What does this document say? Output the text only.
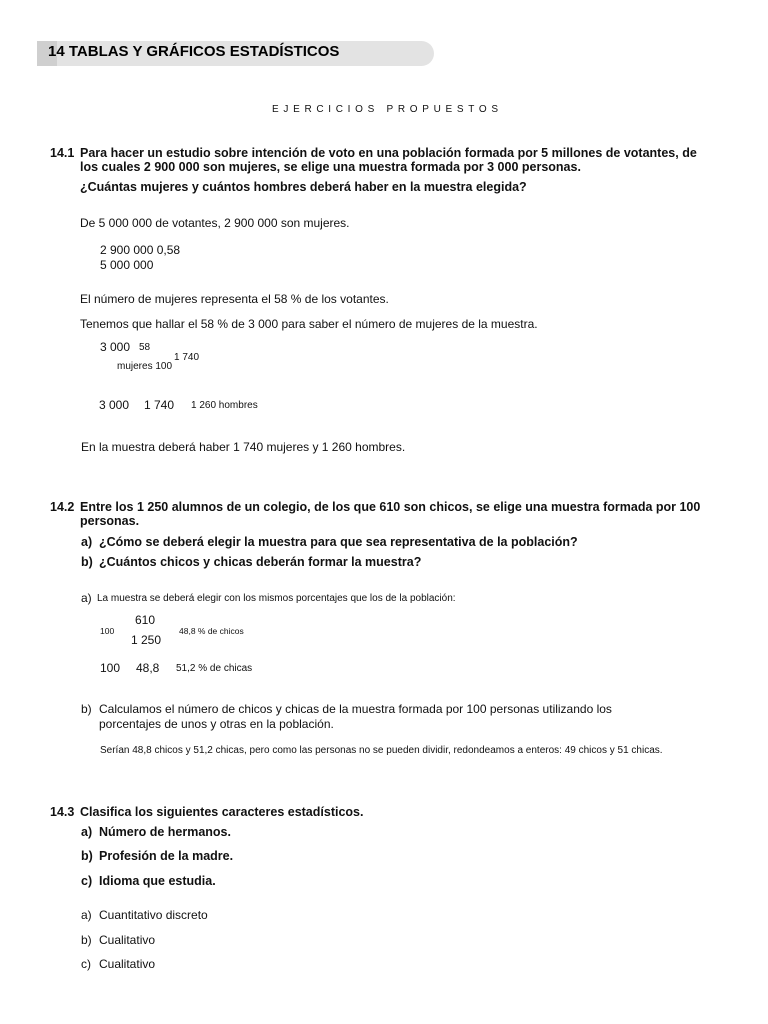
14 TABLAS Y GRÁFICOS ESTADÍSTICOS
EJERCICIOS PROPUESTOS
14.1 Para hacer un estudio sobre intención de voto en una población formada por 5 millones de votantes, de
los cuales 2 900 000 son mujeres, se elige una muestra formada por 3 000 personas.
¿Cuántas mujeres y cuántos hombres deberá haber en la muestra elegida?
De 5 000 000 de votantes, 2 900 000 son mujeres.
2 900 000 0,58
5 000 000
El número de mujeres representa el 58 % de los votantes.
Tenemos que hallar el 58 % de 3 000 para saber el número de mujeres de la muestra.
3 000 58
mujeres 100
1 740
3 000 1 740 1 260 hombres
En la muestra deberá haber 1 740 mujeres y 1 260 hombres.
14.2 Entre los 1 250 alumnos de un colegio, de los que 610 son chicos, se elige una muestra formada por 100
personas.
a) ¿Cómo se deberá elegir la muestra para que sea representativa de la población?
b) ¿Cuántos chicos y chicas deberán formar la muestra?
a) La muestra se deberá elegir con los mismos porcentajes que los de la población:
610
100
1 250
48,8 % de chicos
100 48,8 51,2 % de chicas
b) Calculamos el número de chicos y chicas de la muestra formada por 100 personas utilizando los
porcentajes de unos y otras en la población.
Serían 48,8 chicos y 51,2 chicas, pero como las personas no se pueden dividir, redondeamos a enteros: 49 chicos y 51 chicas.
14.3 Clasifica los siguientes caracteres estadísticos.
a) Número de hermanos.
b) Profesión de la madre.
c) Idioma que estudia.
a) Cuantitativo discreto
b) Cualitativo
c) Cualitativo
